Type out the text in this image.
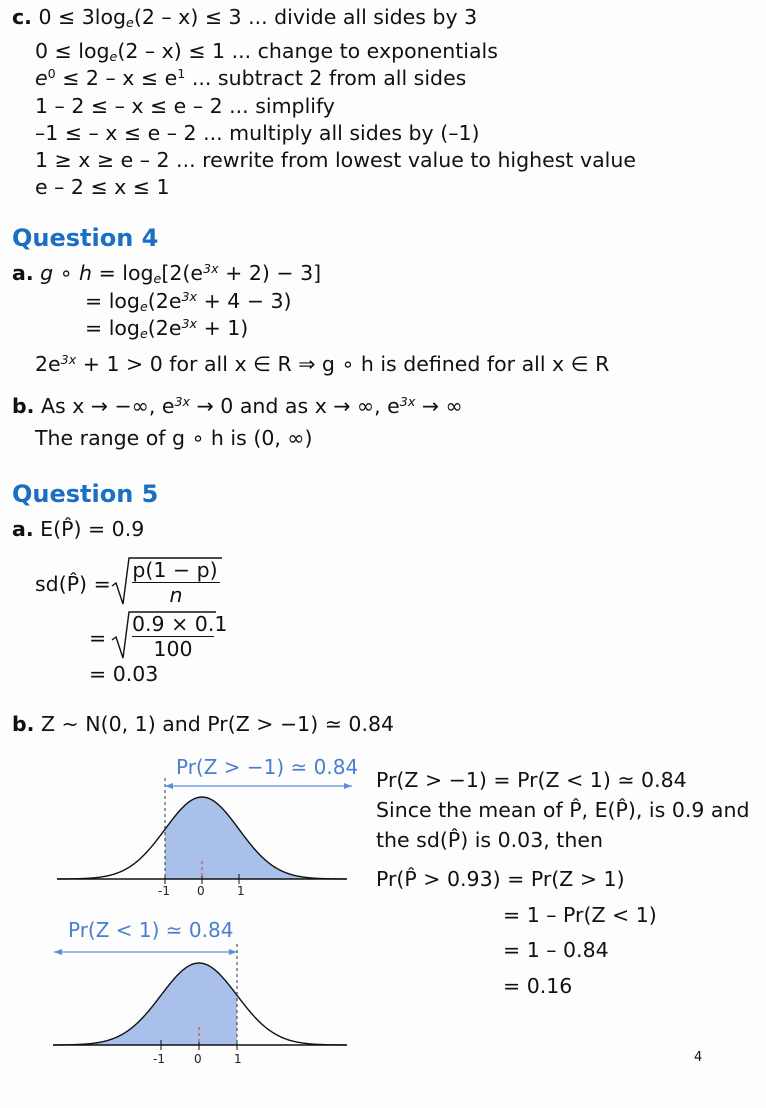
c. $0 \le 3\log_e(2 - x) \le 3$ ... divide all sides by 3
$0 \le \log_e(2 - x) \le 1$ ... change to exponentials
$e^0 \le 2 - x \le e^1$ ... subtract 2 from all sides
1 – 2 ≤ – x ≤ e – 2 ... simplify
–1 ≤ – x ≤ e – 2 ... multiply all sides by (–1)
1 ≥ x ≥ e – 2 ... rewrite from lowest value to highest value
e – 2 ≤ x ≤ 1
Question 4
a. g ∘ $h = \log_e[2(e^{3x} + 2) - 3]$
= $\log_e(2e^{3x} + 4 - 3)$
= $\log_e(2e^{3x} + 1)$
$2e^{3x} + 1 > 0$ for all x ∈ R ⇒ g ∘ h is defined for all x ∈ R
b. As x → −∞, $e^{3x} \to 0$ and as x → ∞, $e^{3x}$ → ∞
The range of g ∘ h is (0, ∞)
Question 5
a. E(P̂) = 0.9
sd(P̂) =
p(1 − p)
n
=
0.9 × 0.1
100
= 0.03
b. Z ~ N(0, 1) and Pr(Z > −1) ≃ 0.84
Pr(Z > −1) ≃ 0.84
-1 0	1
Pr(Z < 1) ≃ 0.84
-1 0	1
Pr(Z > −1) = Pr(Z < 1) ≃ 0.84
Since the mean of P̂, E(P̂), is 0.9 and
the sd(P̂) is 0.03, then
Pr(P̂ > 0.93) = Pr(Z > 1)
= 1 – Pr(Z < 1)
= 1 – 0.84
= 0.16
4
